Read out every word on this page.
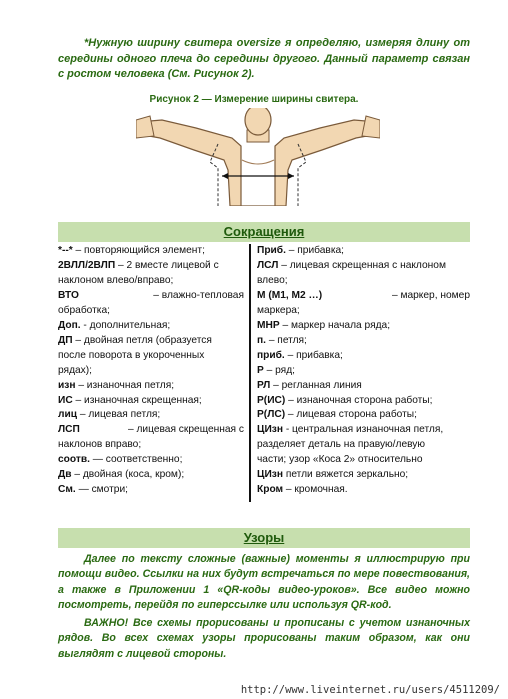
*Нужную ширину свитера oversize я определяю, измеряя длину от середины одного плеча до середины другого. Данный параметр связан с ростом человека (См. Рисунок 2).
Рисунок 2 — Измерение ширины свитера.
Сокращения
*--* – повторяющийся элемент;
2ВЛЛ/2ВЛП – 2 вместе лицевой с
наклоном влево/вправо;
ВТО	– влажно-тепловая
обработка;
Доп. - дополнительная;
ДП – двойная петля (образуется
после поворота в укороченных
рядах);
изн – изнаночная петля;
ИС – изнаночная скрещенная;
лиц – лицевая петля;
ЛСП	– лицевая скрещенная с
наклонов вправо;
соотв. — соответственно;
Дв – двойная (коса, кром);
См. — смотри;
Приб. – прибавка;
ЛСЛ – лицевая скрещенная с наклоном
влево;
М (М1, М2 …)	– маркер, номер
маркера;
МНР – маркер начала ряда;
п. – петля;
приб. – прибавка;
Р – ряд;
РЛ – регланная линия
Р(ИС) – изнаночная сторона работы;
Р(ЛС) – лицевая сторона работы;
ЦИзн - центральная изнаночная петля,
разделяет деталь на правую/левую
части; узор «Коса 2» относительно
ЦИзн петли вяжется зеркально;
Кром – кромочная.
Узоры

Далее по тексту сложные (важные) моменты я иллюстрирую при помощи видео. Ссылки на них будут встречаться по мере повествования, а также в Приложении 1 «QR-коды видео-уроков». Все видео можно посмотреть, перейдя по гиперссылке или используя QR-код.

ВАЖНО! Все схемы прорисованы и прописаны с учетом изнаночных рядов. Во всех схемах узоры прорисованы таким образом, как они выглядят с лицевой стороны.

http://www.liveinternet.ru/users/4511209/
